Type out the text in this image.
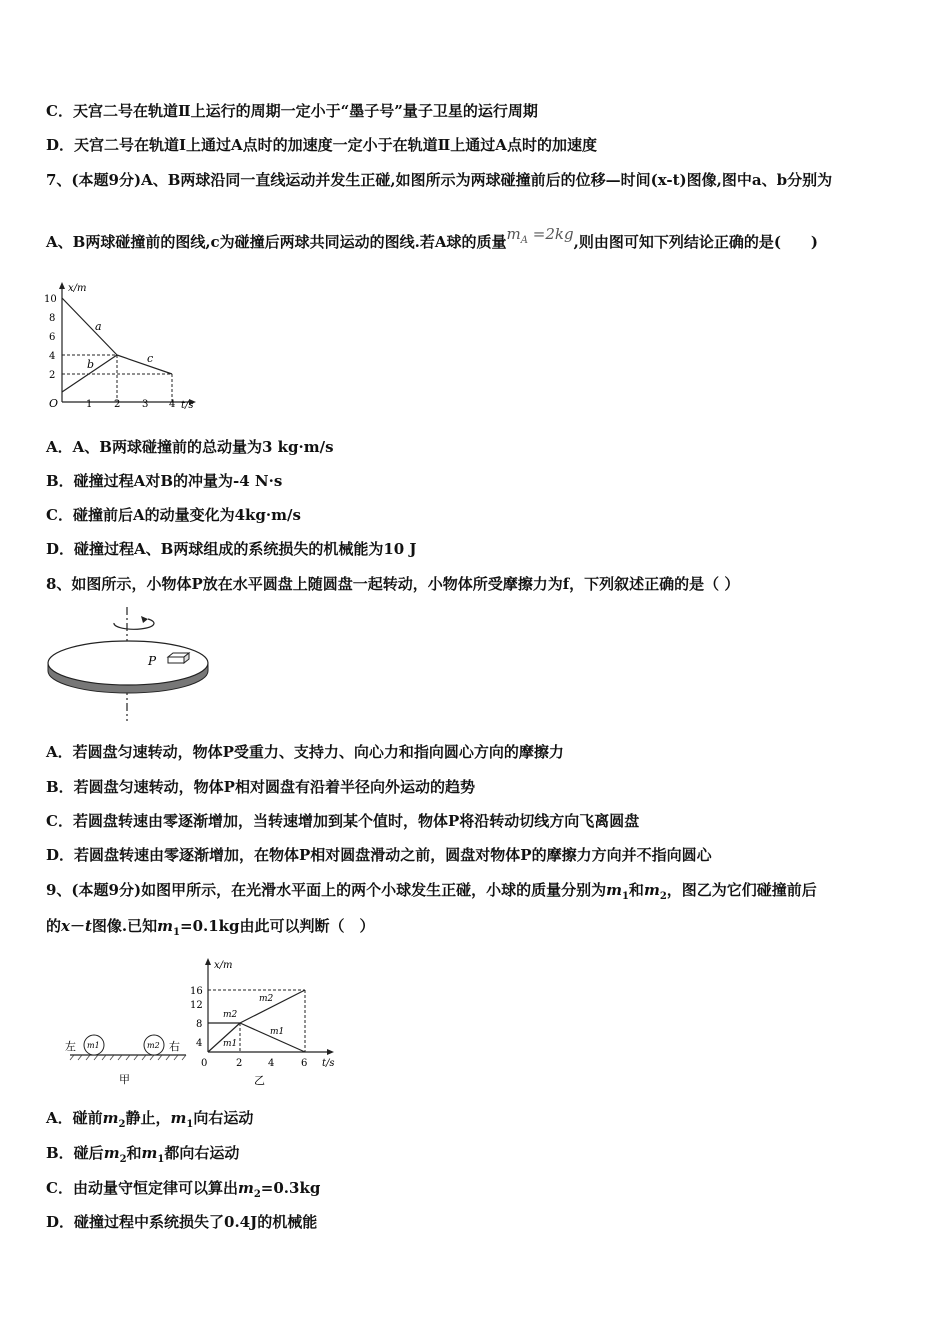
C．天宫二号在轨道Ⅱ上运行的周期一定小于“墨子号”量子卫星的运行周期
D．天宫二号在轨道Ⅰ上通过A点时的加速度一定小于在轨道Ⅱ上通过A点时的加速度
7、(本题9分)A、B两球沿同一直线运动并发生正碰,如图所示为两球碰撞前后的位移—时间(x-t)图像,图中a、b分别为
A、B两球碰撞前的图线,c为碰撞后两球共同运动的图线.若A球的质量$m_A =2kg$,则由图可知下列结论正确的是(　　)
x/m
t/s
O
10
8
6
4
2
1 2 3 4
a
b	c
A．A、B两球碰撞前的总动量为3 kg·m/s
B．碰撞过程A对B的冲量为-4 N·s
C．碰撞前后A的动量变化为4kg·m/s
D．碰撞过程A、B两球组成的系统损失的机械能为10 J
8、如图所示，小物体P放在水平圆盘上随圆盘一起转动，小物体所受摩擦力为f，下列叙述正确的是（ ）
P
A．若圆盘匀速转动，物体P受重力、支持力、向心力和指向圆心方向的摩擦力
B．若圆盘匀速转动，物体P相对圆盘有沿着半径向外运动的趋势
C．若圆盘转速由零逐渐增加，当转速增加到某个值时，物体P将沿转动切线方向飞离圆盘
D．若圆盘转速由零逐渐增加，在物体P相对圆盘滑动之前，圆盘对物体P的摩擦力方向并不指向圆心
9、(本题9分)如图甲所示，在光滑水平面上的两个小球发生正碰，小球的质量分别为$m_1$和$m_2$，图乙为它们碰撞前后
的x－t图像.已知$m_1=0.1kg$由此可以判断（　）
m1	m2
左	右
甲
x/m
t/s
0
16
12
8
4
2	4	6
m2
m1
m2
m1
乙
A．碰前$m_2$静止，$m_1$向右运动
B．碰后$m_2$和$m_1$都向右运动
C．由动量守恒定律可以算出$m_2=0.3kg$
D．碰撞过程中系统损失了0.4J的机械能
